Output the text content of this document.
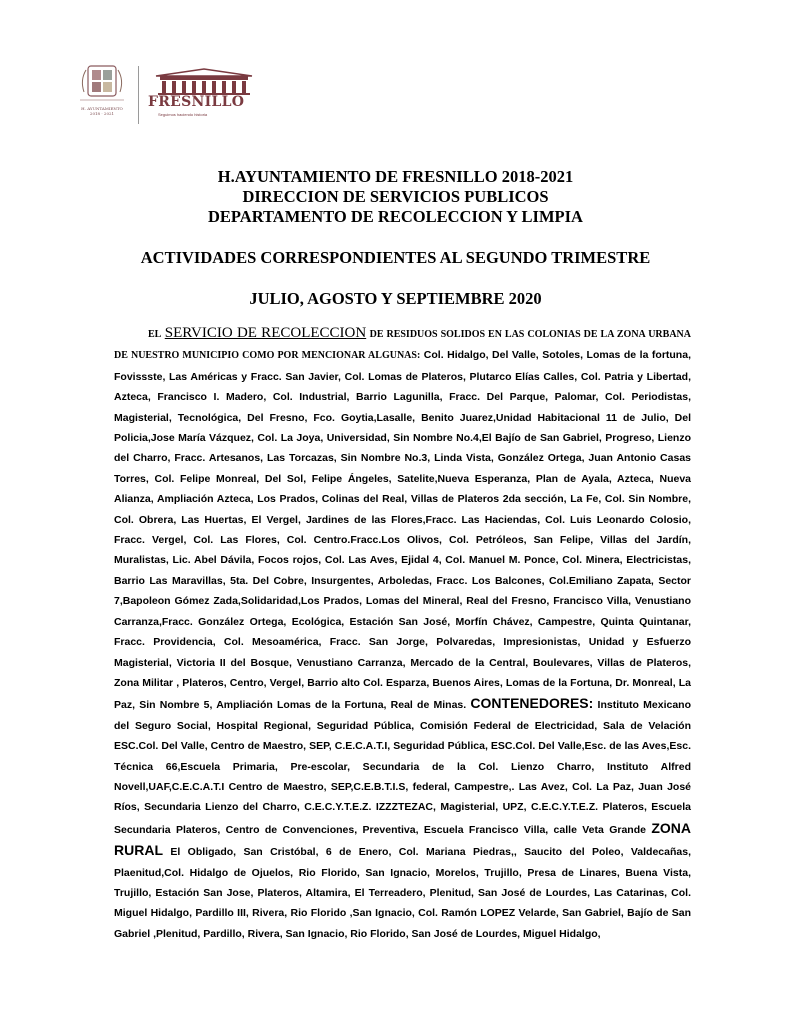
H. AYUNTAMIENTO
2018 · 2021
FRESNILLO
Seguimos haciendo historia
H.AYUNTAMIENTO DE FRESNILLO 2018-2021
DIRECCION DE SERVICIOS PUBLICOS
DEPARTAMENTO DE RECOLECCION Y LIMPIA
ACTIVIDADES CORRESPONDIENTES AL SEGUNDO TRIMESTRE
JULIO, AGOSTO Y SEPTIEMBRE 2020
EL SERVICIO DE RECOLECCION DE RESIDUOS SOLIDOS EN LAS COLONIAS DE LA ZONA URBANA DE NUESTRO MUNICIPIO COMO POR MENCIONAR ALGUNAS: Col. Hidalgo, Del Valle, Sotoles, Lomas de la fortuna, Fovissste, Las Américas y Fracc. San Javier, Col. Lomas de Plateros, Plutarco Elías Calles, Col. Patria y Libertad, Azteca, Francisco I. Madero, Col. Industrial, Barrio Lagunilla, Fracc. Del Parque, Palomar, Col. Periodistas, Magisterial, Tecnológica, Del Fresno, Fco. Goytia,Lasalle, Benito Juarez,Unidad Habitacional 11 de Julio, Del Policia,Jose María Vázquez, Col. La Joya, Universidad, Sin Nombre No.4,El Bajío de San Gabriel, Progreso, Lienzo del Charro, Fracc. Artesanos, Las Torcazas, Sin Nombre No.3, Linda Vista, González Ortega, Juan Antonio Casas Torres, Col. Felipe Monreal, Del Sol, Felipe Ángeles, Satelite,Nueva Esperanza, Plan de Ayala, Azteca, Nueva Alianza, Ampliación Azteca, Los Prados, Colinas del Real, Villas de Plateros 2da sección, La Fe, Col. Sin Nombre, Col. Obrera, Las Huertas, El Vergel, Jardines de las Flores,Fracc. Las Haciendas, Col. Luis Leonardo Colosio, Fracc. Vergel, Col. Las Flores, Col. Centro.Fracc.Los Olivos, Col. Petróleos, San Felipe, Villas del Jardín, Muralistas, Lic. Abel Dávila, Focos rojos, Col. Las Aves, Ejidal 4, Col. Manuel M. Ponce, Col. Minera, Electricistas, Barrio Las Maravillas, 5ta. Del Cobre, Insurgentes, Arboledas, Fracc. Los Balcones, Col.Emiliano Zapata, Sector 7,Bapoleon Gómez Zada,Solidaridad,Los Prados, Lomas del Mineral, Real del Fresno, Francisco Villa, Venustiano Carranza,Fracc. González Ortega, Ecológica, Estación San José, Morfín Chávez, Campestre, Quinta Quintanar, Fracc. Providencia, Col. Mesoamérica, Fracc. San Jorge, Polvaredas, Impresionistas, Unidad y Esfuerzo Magisterial, Victoria II del Bosque, Venustiano Carranza, Mercado de la Central, Boulevares, Villas de Plateros, Zona Militar , Plateros, Centro, Vergel, Barrio alto Col. Esparza, Buenos Aires, Lomas de la Fortuna, Dr. Monreal, La Paz, Sin Nombre 5, Ampliación Lomas de la Fortuna, Real de Minas. CONTENEDORES: Instituto Mexicano del Seguro Social, Hospital Regional, Seguridad Pública, Comisión Federal de Electricidad, Sala de Velación ESC.Col. Del Valle, Centro de Maestro, SEP, C.E.C.A.T.I, Seguridad Pública, ESC.Col. Del Valle,Esc. de las Aves,Esc. Técnica 66,Escuela Primaria, Pre-escolar, Secundaria de la Col. Lienzo Charro, Instituto Alfred Novell,UAF,C.E.C.A.T.I Centro de Maestro, SEP,C.E.B.T.I.S, federal, Campestre,. Las Avez, Col. La Paz, Juan José Ríos, Secundaria Lienzo del Charro, C.E.C.Y.T.E.Z. IZZZTEZAC, Magisterial, UPZ, C.E.C.Y.T.E.Z. Plateros, Escuela Secundaria Plateros, Centro de Convenciones, Preventiva, Escuela Francisco Villa, calle Veta Grande ZONA RURAL El Obligado, San Cristóbal, 6 de Enero, Col. Mariana Piedras,, Saucito del Poleo, Valdecañas, Plaenitud,Col. Hidalgo de Ojuelos, Rio Florido, San Ignacio, Morelos, Trujillo, Presa de Linares, Buena Vista, Trujillo, Estación San Jose, Plateros, Altamira, El Terreadero, Plenitud, San José de Lourdes, Las Catarinas, Col. Miguel Hidalgo, Pardillo III, Rivera, Rio Florido ,San Ignacio, Col. Ramón LOPEZ Velarde, San Gabriel, Bajío de San Gabriel ,Plenitud, Pardillo, Rivera, San Ignacio, Rio Florido, San José de Lourdes, Miguel Hidalgo,
